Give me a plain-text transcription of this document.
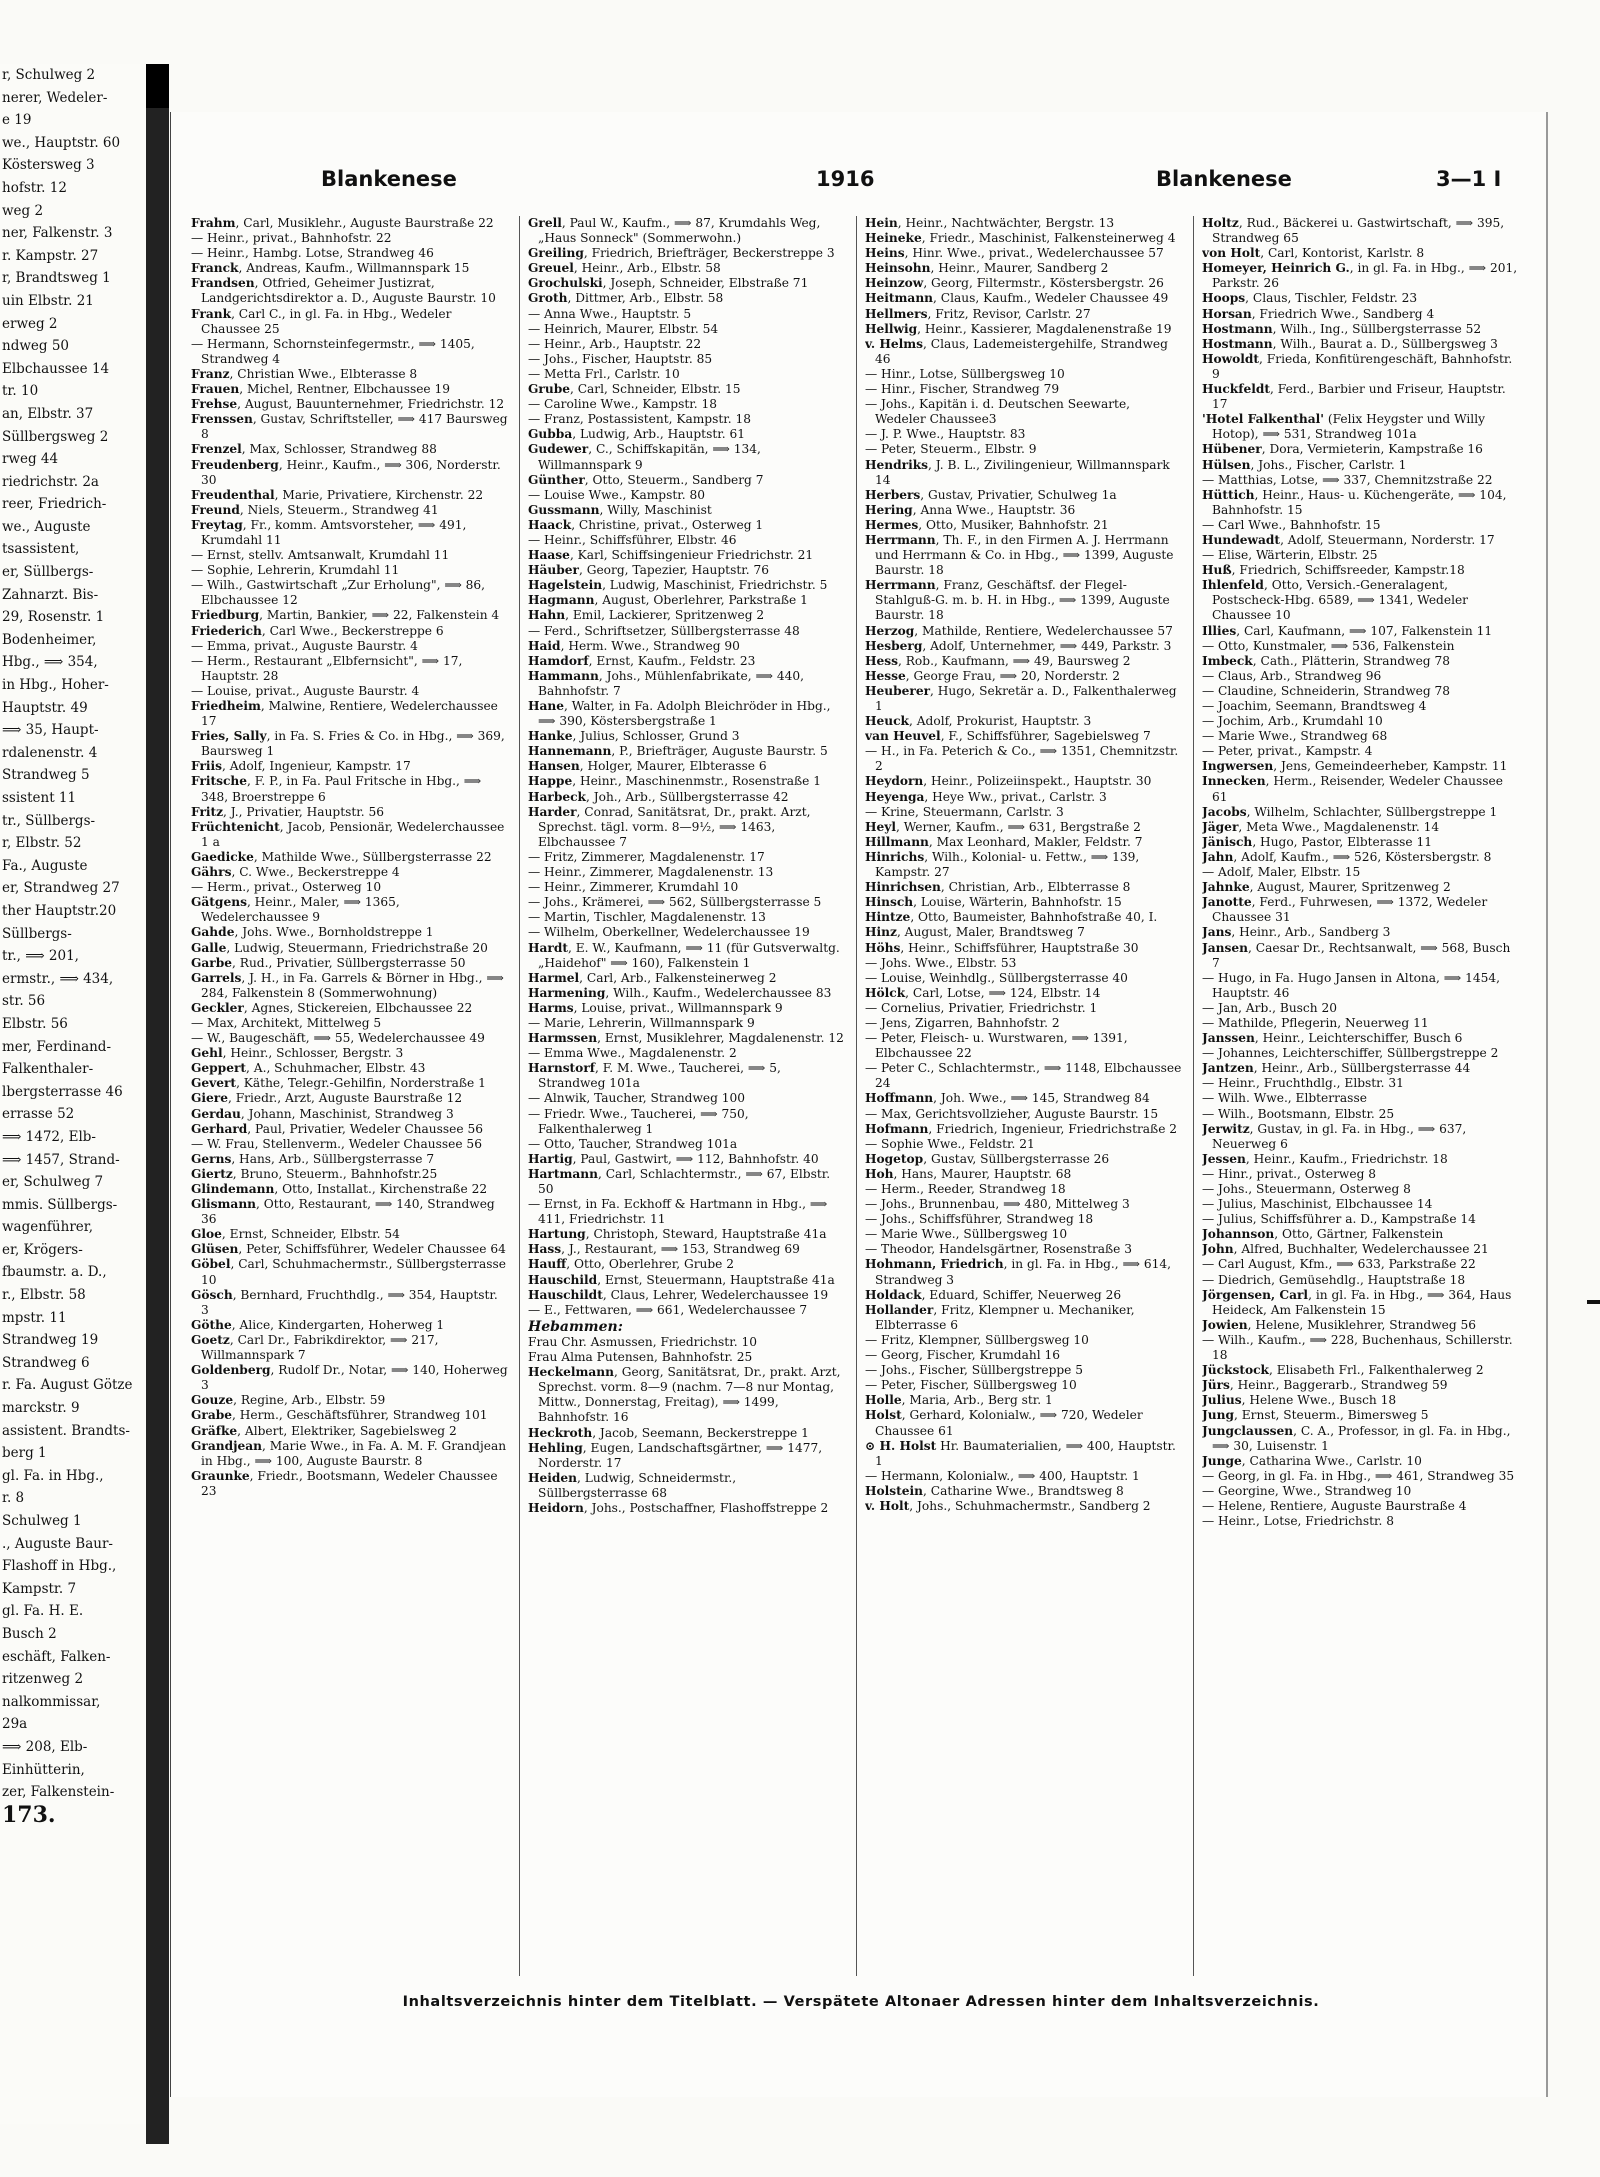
r, Schulweg 2
nerer, Wedeler-
e 19
we., Hauptstr. 60
Köstersweg 3
hofstr. 12
weg 2
ner, Falkenstr. 3
r. Kampstr. 27
r, Brandtsweg 1
uin Elbstr. 21
erweg 2
ndweg 50
Elbchaussee 14
tr. 10
an, Elbstr. 37
Süllbergsweg 2
rweg 44
riedrichstr. 2a
reer, Friedrich-
we., Auguste
tsassistent,
er, Süllbergs-
Zahnarzt. Bis-
29, Rosenstr. 1
Bodenheimer,
Hbg., ⟹ 354,
in Hbg., Hoher-
Hauptstr. 49
⟹ 35, Haupt-
rdalenenstr. 4
Strandweg 5
ssistent 11
tr., Süllbergs-
r, Elbstr. 52
Fa., Auguste
er, Strandweg 27
ther Hauptstr.20
Süllbergs-
tr., ⟹ 201,
ermstr., ⟹ 434,
str. 56
Elbstr. 56
mer, Ferdinand-
Falkenthaler-
lbergsterrasse 46
errasse 52
⟹ 1472, Elb-
⟹ 1457, Strand-
er, Schulweg 7
mmis. Süllbergs-
wagenführer,
er, Krögers-
fbaumstr. a. D.,
r., Elbstr. 58
mpstr. 11
Strandweg 19
Strandweg 6
r. Fa. August Götze
marckstr. 9
assistent. Brandts-
berg 1
gl. Fa. in Hbg.,
r. 8
Schulweg 1
., Auguste Baur-
Flashoff in Hbg.,
Kampstr. 7
gl. Fa. H. E.
Busch 2
eschäft, Falken-
ritzenweg 2
nalkommissar,
29a
⟹ 208, Elb-
Einhütterin,
zer, Falkenstein-
173.
Blankenese	1916	Blankenese	3—1 I
Frahm, Carl, Musiklehr., Auguste Baurstraße 22
— Heinr., privat., Bahnhofstr. 22
— Heinr., Hambg. Lotse, Strandweg 46
Franck, Andreas, Kaufm., Willmannspark 15
Frandsen, Otfried, Geheimer Justizrat, Landgerichtsdirektor a. D., Auguste Baurstr. 10
Frank, Carl C., in gl. Fa. in Hbg., Wedeler Chaussee 25
— Hermann, Schornsteinfegermstr., ⟹ 1405, Strandweg 4
Franz, Christian Wwe., Elbterasse 8
Frauen, Michel, Rentner, Elbchaussee 19
Frehse, August, Bauunternehmer, Friedrichstr. 12
Frenssen, Gustav, Schriftsteller, ⟹ 417 Baursweg 8
Frenzel, Max, Schlosser, Strandweg 88
Freudenberg, Heinr., Kaufm., ⟹ 306, Norderstr. 30
Freudenthal, Marie, Privatiere, Kirchenstr. 22
Freund, Niels, Steuerm., Strandweg 41
Freytag, Fr., komm. Amtsvorsteher, ⟹ 491, Krumdahl 11
— Ernst, stellv. Amtsanwalt, Krumdahl 11
— Sophie, Lehrerin, Krumdahl 11
— Wilh., Gastwirtschaft „Zur Erholung", ⟹ 86, Elbchaussee 12
Friedburg, Martin, Bankier, ⟹ 22, Falkenstein 4
Friederich, Carl Wwe., Beckerstreppe 6
— Emma, privat., Auguste Baurstr. 4
— Herm., Restaurant „Elbfernsicht", ⟹ 17, Hauptstr. 28
— Louise, privat., Auguste Baurstr. 4
Friedheim, Malwine, Rentiere, Wedelerchaussee 17
Fries, Sally, in Fa. S. Fries & Co. in Hbg., ⟹ 369, Baursweg 1
Friis, Adolf, Ingenieur, Kampstr. 17
Fritsche, F. P., in Fa. Paul Fritsche in Hbg., ⟹ 348, Broerstreppe 6
Fritz, J., Privatier, Hauptstr. 56
Früchtenicht, Jacob, Pensionär, Wedelerchaussee 1 a
Gaedicke, Mathilde Wwe., Süllbergsterrasse 22
Gährs, C. Wwe., Beckerstreppe 4
— Herm., privat., Osterweg 10
Gätgens, Heinr., Maler, ⟹ 1365, Wedelerchaussee 9
Gahde, Johs. Wwe., Bornholdstreppe 1
Galle, Ludwig, Steuermann, Friedrichstraße 20
Garbe, Rud., Privatier, Süllbergsterrasse 50
Garrels, J. H., in Fa. Garrels & Börner in Hbg., ⟹ 284, Falkenstein 8 (Sommerwohnung)
Geckler, Agnes, Stickereien, Elbchaussee 22
— Max, Architekt, Mittelweg 5
— W., Baugeschäft, ⟹ 55, Wedelerchaussee 49
Gehl, Heinr., Schlosser, Bergstr. 3
Geppert, A., Schuhmacher, Elbstr. 43
Gevert, Käthe, Telegr.-Gehilfin, Norderstraße 1
Giere, Friedr., Arzt, Auguste Baurstraße 12
Gerdau, Johann, Maschinist, Strandweg 3
Gerhard, Paul, Privatier, Wedeler Chaussee 56
— W. Frau, Stellenverm., Wedeler Chaussee 56
Gerns, Hans, Arb., Süllbergsterrasse 7
Giertz, Bruno, Steuerm., Bahnhofstr.25
Glindemann, Otto, Installat., Kirchenstraße 22
Glismann, Otto, Restaurant, ⟹ 140, Strandweg 36
Gloe, Ernst, Schneider, Elbstr. 54
Glüsen, Peter, Schiffsführer, Wedeler Chaussee 64
Göbel, Carl, Schuhmachermstr., Süllbergsterrasse 10
Gösch, Bernhard, Fruchthdlg., ⟹ 354, Hauptstr. 3
Göthe, Alice, Kindergarten, Hoherweg 1
Goetz, Carl Dr., Fabrikdirektor, ⟹ 217, Willmannspark 7
Goldenberg, Rudolf Dr., Notar, ⟹ 140, Hoherweg 3
Gouze, Regine, Arb., Elbstr. 59
Grabe, Herm., Geschäftsführer, Strandweg 101
Gräfke, Albert, Elektriker, Sagebielsweg 2
Grandjean, Marie Wwe., in Fa. A. M. F. Grandjean in Hbg., ⟹ 100, Auguste Baurstr. 8
Graunke, Friedr., Bootsmann, Wedeler Chaussee 23
Grell, Paul W., Kaufm., ⟹ 87, Krumdahls Weg, „Haus Sonneck" (Sommerwohn.)
Greiling, Friedrich, Briefträger, Beckerstreppe 3
Greuel, Heinr., Arb., Elbstr. 58
Grochulski, Joseph, Schneider, Elbstraße 71
Groth, Dittmer, Arb., Elbstr. 58
— Anna Wwe., Hauptstr. 5
— Heinrich, Maurer, Elbstr. 54
— Heinr., Arb., Hauptstr. 22
— Johs., Fischer, Hauptstr. 85
— Metta Frl., Carlstr. 10
Grube, Carl, Schneider, Elbstr. 15
— Caroline Wwe., Kampstr. 18
— Franz, Postassistent, Kampstr. 18
Gubba, Ludwig, Arb., Hauptstr. 61
Gudewer, C., Schiffskapitän, ⟹ 134, Willmannspark 9
Günther, Otto, Steuerm., Sandberg 7
— Louise Wwe., Kampstr. 80
Gussmann, Willy, Maschinist
Haack, Christine, privat., Osterweg 1
— Heinr., Schiffsführer, Elbstr. 46
Haase, Karl, Schiffsingenieur Friedrichstr. 21
Häuber, Georg, Tapezier, Hauptstr. 76
Hagelstein, Ludwig, Maschinist, Friedrichstr. 5
Hagmann, August, Oberlehrer, Parkstraße 1
Hahn, Emil, Lackierer, Spritzenweg 2
— Ferd., Schriftsetzer, Süllbergsterrasse 48
Haid, Herm. Wwe., Strandweg 90
Hamdorf, Ernst, Kaufm., Feldstr. 23
Hammann, Johs., Mühlenfabrikate, ⟹ 440, Bahnhofstr. 7
Hane, Walter, in Fa. Adolph Bleichröder in Hbg., ⟹ 390, Köstersbergstraße 1
Hanke, Julius, Schlosser, Grund 3
Hannemann, P., Briefträger, Auguste Baurstr. 5
Hansen, Holger, Maurer, Elbterasse 6
Happe, Heinr., Maschinenmstr., Rosenstraße 1
Harbeck, Joh., Arb., Süllbergsterrasse 42
Harder, Conrad, Sanitätsrat, Dr., prakt. Arzt, Sprechst. tägl. vorm. 8—9½, ⟹ 1463, Elbchaussee 7
— Fritz, Zimmerer, Magdalenenstr. 17
— Heinr., Zimmerer, Magdalenenstr. 13
— Heinr., Zimmerer, Krumdahl 10
— Johs., Krämerei, ⟹ 562, Süllbergsterrasse 5
— Martin, Tischler, Magdalenenstr. 13
— Wilhelm, Oberkellner, Wedelerchaussee 19
Hardt, E. W., Kaufmann, ⟹ 11 (für Gutsverwaltg. „Haidehof" ⟹ 160), Falkenstein 1
Harmel, Carl, Arb., Falkensteinerweg 2
Harmening, Wilh., Kaufm., Wedelerchaussee 83
Harms, Louise, privat., Willmannspark 9
— Marie, Lehrerin, Willmannspark 9
Harmssen, Ernst, Musiklehrer, Magdalenenstr. 12
— Emma Wwe., Magdalenenstr. 2
Harnstorf, F. M. Wwe., Taucherei, ⟹ 5, Strandweg 101a
— Alnwik, Taucher, Strandweg 100
— Friedr. Wwe., Taucherei, ⟹ 750, Falkenthalerweg 1
— Otto, Taucher, Strandweg 101a
Hartig, Paul, Gastwirt, ⟹ 112, Bahnhofstr. 40
Hartmann, Carl, Schlachtermstr., ⟹ 67, Elbstr. 50
— Ernst, in Fa. Eckhoff & Hartmann in Hbg., ⟹ 411, Friedrichstr. 11
Hartung, Christoph, Steward, Hauptstraße 41a
Hass, J., Restaurant, ⟹ 153, Strandweg 69
Hauff, Otto, Oberlehrer, Grube 2
Hauschild, Ernst, Steuermann, Hauptstraße 41a
Hauschildt, Claus, Lehrer, Wedelerchaussee 19
— E., Fettwaren, ⟹ 661, Wedelerchaussee 7
Hebammen:
Frau Chr. Asmussen, Friedrichstr. 10
Frau Alma Putensen, Bahnhofstr. 25
Heckelmann, Georg, Sanitätsrat, Dr., prakt. Arzt, Sprechst. vorm. 8—9 (nachm. 7—8 nur Montag, Mittw., Donnerstag, Freitag), ⟹ 1499, Bahnhofstr. 16
Heckroth, Jacob, Seemann, Beckerstreppe 1
Hehling, Eugen, Landschaftsgärtner, ⟹ 1477, Norderstr. 17
Heiden, Ludwig, Schneidermstr., Süllbergsterrasse 68
Heidorn, Johs., Postschaffner, Flashoffstreppe 2
Hein, Heinr., Nachtwächter, Bergstr. 13
Heineke, Friedr., Maschinist, Falkensteinerweg 4
Heins, Hinr. Wwe., privat., Wedelerchaussee 57
Heinsohn, Heinr., Maurer, Sandberg 2
Heinzow, Georg, Filtermstr., Köstersbergstr. 26
Heitmann, Claus, Kaufm., Wedeler Chaussee 49
Hellmers, Fritz, Revisor, Carlstr. 27
Hellwig, Heinr., Kassierer, Magdalenenstraße 19
v. Helms, Claus, Lademeistergehilfe, Strandweg 46
— Hinr., Lotse, Süllbergsweg 10
— Hinr., Fischer, Strandweg 79
— Johs., Kapitän i. d. Deutschen Seewarte, Wedeler Chaussee3
— J. P. Wwe., Hauptstr. 83
— Peter, Steuerm., Elbstr. 9
Hendriks, J. B. L., Zivilingenieur, Willmannspark 14
Herbers, Gustav, Privatier, Schulweg 1a
Hering, Anna Wwe., Hauptstr. 36
Hermes, Otto, Musiker, Bahnhofstr. 21
Herrmann, Th. F., in den Firmen A. J. Herrmann und Herrmann & Co. in Hbg., ⟹ 1399, Auguste Baurstr. 18
Herrmann, Franz, Geschäftsf. der Flegel-Stahlguß-G. m. b. H. in Hbg., ⟹ 1399, Auguste Baurstr. 18
Herzog, Mathilde, Rentiere, Wedelerchaussee 57
Hesberg, Adolf, Unternehmer, ⟹ 449, Parkstr. 3
Hess, Rob., Kaufmann, ⟹ 49, Baursweg 2
Hesse, George Frau, ⟹ 20, Norderstr. 2
Heuberer, Hugo, Sekretär a. D., Falkenthalerweg 1
Heuck, Adolf, Prokurist, Hauptstr. 3
van Heuvel, F., Schiffsführer, Sagebielsweg 7
— H., in Fa. Peterich & Co., ⟹ 1351, Chemnitzstr. 2
Heydorn, Heinr., Polizeiinspekt., Hauptstr. 30
Heyenga, Heye Ww., privat., Carlstr. 3
— Krine, Steuermann, Carlstr. 3
Heyl, Werner, Kaufm., ⟹ 631, Bergstraße 2
Hillmann, Max Leonhard, Makler, Feldstr. 7
Hinrichs, Wilh., Kolonial- u. Fettw., ⟹ 139, Kampstr. 27
Hinrichsen, Christian, Arb., Elbterrasse 8
Hinsch, Louise, Wärterin, Bahnhofstr. 15
Hintze, Otto, Baumeister, Bahnhofstraße 40, I.
Hinz, August, Maler, Brandtsweg 7
Höhs, Heinr., Schiffsführer, Hauptstraße 30
— Johs. Wwe., Elbstr. 53
— Louise, Weinhdlg., Süllbergsterrasse 40
Hölck, Carl, Lotse, ⟹ 124, Elbstr. 14
— Cornelius, Privatier, Friedrichstr. 1
— Jens, Zigarren, Bahnhofstr. 2
— Peter, Fleisch- u. Wurstwaren, ⟹ 1391, Elbchaussee 22
— Peter C., Schlachtermstr., ⟹ 1148, Elbchaussee 24
Hoffmann, Joh. Wwe., ⟹ 145, Strandweg 84
— Max, Gerichtsvollzieher, Auguste Baurstr. 15
Hofmann, Friedrich, Ingenieur, Friedrichstraße 2
— Sophie Wwe., Feldstr. 21
Hogetop, Gustav, Süllbergsterrasse 26
Hoh, Hans, Maurer, Hauptstr. 68
— Herm., Reeder, Strandweg 18
— Johs., Brunnenbau, ⟹ 480, Mittelweg 3
— Johs., Schiffsführer, Strandweg 18
— Marie Wwe., Süllbergsweg 10
— Theodor, Handelsgärtner, Rosenstraße 3
Hohmann, Friedrich, in gl. Fa. in Hbg., ⟹ 614, Strandweg 3
Holdack, Eduard, Schiffer, Neuerweg 26
Hollander, Fritz, Klempner u. Mechaniker, Elbterrasse 6
— Fritz, Klempner, Süllbergsweg 10
— Georg, Fischer, Krumdahl 16
— Johs., Fischer, Süllbergstreppe 5
— Peter, Fischer, Süllbergsweg 10
Holle, Maria, Arb., Berg str. 1
Holst, Gerhard, Kolonialw., ⟹ 720, Wedeler Chaussee 61
⊙ H. Holst Hr. Baumaterialien, ⟹ 400, Hauptstr. 1
— Hermann, Kolonialw., ⟹ 400, Hauptstr. 1
Holstein, Catharine Wwe., Brandtsweg 8
v. Holt, Johs., Schuhmachermstr., Sandberg 2
Holtz, Rud., Bäckerei u. Gastwirtschaft, ⟹ 395, Strandweg 65
von Holt, Carl, Kontorist, Karlstr. 8
Homeyer, Heinrich G., in gl. Fa. in Hbg., ⟹ 201, Parkstr. 26
Hoops, Claus, Tischler, Feldstr. 23
Horsan, Friedrich Wwe., Sandberg 4
Hostmann, Wilh., Ing., Süllbergsterrasse 52
Hostmann, Wilh., Baurat a. D., Süllbergsweg 3
Howoldt, Frieda, Konfitürengeschäft, Bahnhofstr. 9
Huckfeldt, Ferd., Barbier und Friseur, Hauptstr. 17
'Hotel Falkenthal' (Felix Heygster und Willy Hotop), ⟹ 531, Strandweg 101a
Hübener, Dora, Vermieterin, Kampstraße 16
Hülsen, Johs., Fischer, Carlstr. 1
— Matthias, Lotse, ⟹ 337, Chemnitzstraße 22
Hüttich, Heinr., Haus- u. Küchengeräte, ⟹ 104, Bahnhofstr. 15
— Carl Wwe., Bahnhofstr. 15
Hundewadt, Adolf, Steuermann, Norderstr. 17
— Elise, Wärterin, Elbstr. 25
Huß, Friedrich, Schiffsreeder, Kampstr.18
Ihlenfeld, Otto, Versich.-Generalagent, Postscheck-Hbg. 6589, ⟹ 1341, Wedeler Chaussee 10
Illies, Carl, Kaufmann, ⟹ 107, Falkenstein 11
— Otto, Kunstmaler, ⟹ 536, Falkenstein
Imbeck, Cath., Plätterin, Strandweg 78
— Claus, Arb., Strandweg 96
— Claudine, Schneiderin, Strandweg 78
— Joachim, Seemann, Brandtsweg 4
— Jochim, Arb., Krumdahl 10
— Marie Wwe., Strandweg 68
— Peter, privat., Kampstr. 4
Ingwersen, Jens, Gemeindeerheber, Kampstr. 11
Innecken, Herm., Reisender, Wedeler Chaussee 61
Jacobs, Wilhelm, Schlachter, Süllbergstreppe 1
Jäger, Meta Wwe., Magdalenenstr. 14
Jänisch, Hugo, Pastor, Elbterasse 11
Jahn, Adolf, Kaufm., ⟹ 526, Köstersbergstr. 8
— Adolf, Maler, Elbstr. 15
Jahnke, August, Maurer, Spritzenweg 2
Janotte, Ferd., Fuhrwesen, ⟹ 1372, Wedeler Chaussee 31
Jans, Heinr., Arb., Sandberg 3
Jansen, Caesar Dr., Rechtsanwalt, ⟹ 568, Busch 7
— Hugo, in Fa. Hugo Jansen in Altona, ⟹ 1454, Hauptstr. 46
— Jan, Arb., Busch 20
— Mathilde, Pflegerin, Neuerweg 11
Janssen, Heinr., Leichterschiffer, Busch 6
— Johannes, Leichterschiffer, Süllbergstreppe 2
Jantzen, Heinr., Arb., Süllbergsterrasse 44
— Heinr., Fruchthdlg., Elbstr. 31
— Wilh. Wwe., Elbterrasse
— Wilh., Bootsmann, Elbstr. 25
Jerwitz, Gustav, in gl. Fa. in Hbg., ⟹ 637, Neuerweg 6
Jessen, Heinr., Kaufm., Friedrichstr. 18
— Hinr., privat., Osterweg 8
— Johs., Steuermann, Osterweg 8
— Julius, Maschinist, Elbchaussee 14
— Julius, Schiffsführer a. D., Kampstraße 14
Johannson, Otto, Gärtner, Falkenstein
John, Alfred, Buchhalter, Wedelerchaussee 21
— Carl August, Kfm., ⟹ 633, Parkstraße 22
— Diedrich, Gemüsehdlg., Hauptstraße 18
Jörgensen, Carl, in gl. Fa. in Hbg., ⟹ 364, Haus Heideck, Am Falkenstein 15
Jowien, Helene, Musiklehrer, Strandweg 56
— Wilh., Kaufm., ⟹ 228, Buchenhaus, Schillerstr. 18
Jückstock, Elisabeth Frl., Falkenthalerweg 2
Jürs, Heinr., Baggerarb., Strandweg 59
Julius, Helene Wwe., Busch 18
Jung, Ernst, Steuerm., Bimersweg 5
Jungclaussen, C. A., Professor, in gl. Fa. in Hbg., ⟹ 30, Luisenstr. 1
Junge, Catharina Wwe., Carlstr. 10
— Georg, in gl. Fa. in Hbg., ⟹ 461, Strandweg 35
— Georgine, Wwe., Strandweg 10
— Helene, Rentiere, Auguste Baurstraße 4
— Heinr., Lotse, Friedrichstr. 8
Inhaltsverzeichnis hinter dem Titelblatt. — Verspätete Altonaer Adressen hinter dem Inhaltsverzeichnis.
